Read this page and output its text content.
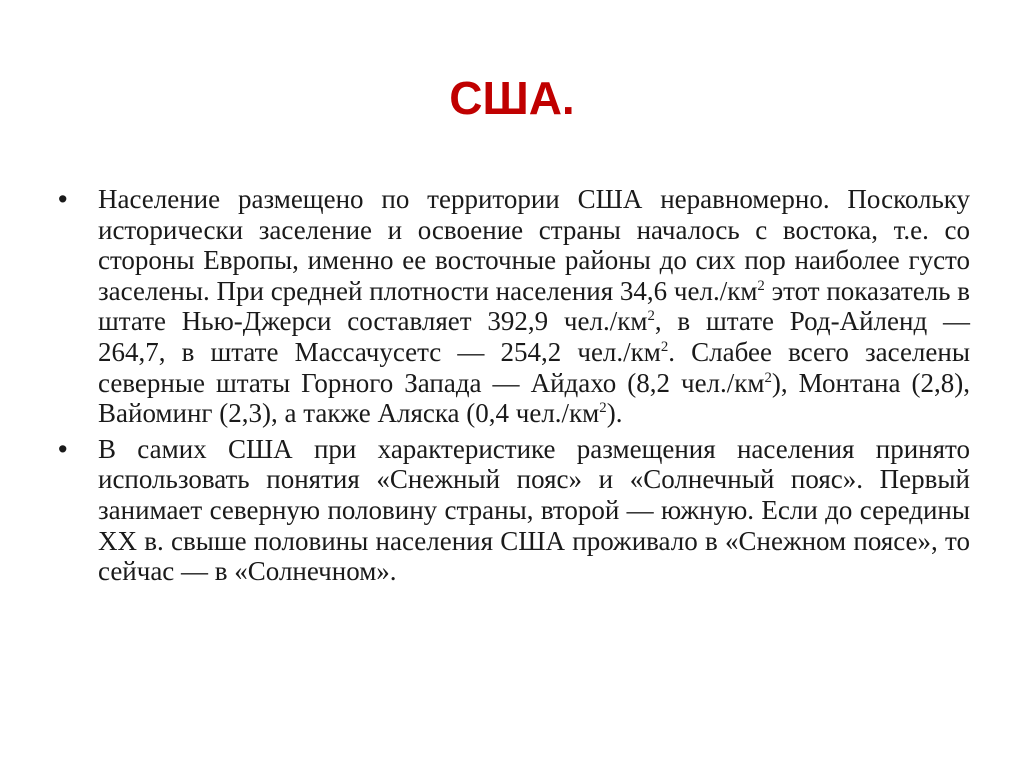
США.

•	Население размещено по территории США неравномерно. Поскольку исторически заселение и освоение страны началось с востока, т.е. со стороны Европы, именно ее восточные районы до сих пор наиболее густо заселены. При средней плотности населения 34,6 $чел./км^2$ этот показатель в штате Нью-Джерси составляет 392,9 $чел./км^2$, в штате Род-Айленд — 264,7, в штате Массачусетс — 254,2 $чел./км^2$. Слабее всего заселены северные штаты Горного Запада — Айдахо (8,2 $чел./км^2$), Монтана (2,8), Вайоминг (2,3), а также Аляска (0,4 $чел./км^2$).

•	В самих США при характеристике размещения населения принято использовать понятия «Снежный пояс» и «Солнечный пояс». Первый занимает северную половину страны, второй — южную. Если до середины XX в. свыше половины населения США проживало в «Снежном поясе», то сейчас — в «Солнечном».
